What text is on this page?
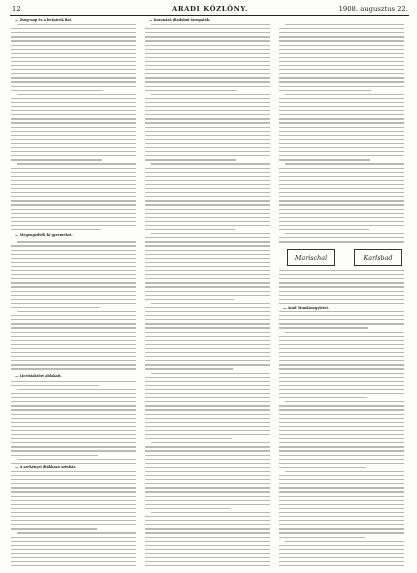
12	ARADI KÖZLÖNY.	1908. augusztus 22.
— Zsug-nap és a betyárok fiai.
— Megengedték ki gyermeket.
— Liceistaktört ablakait.
— A szekényei diákhaza szinház.
— Koronázó diadalmi tárogatók.
— Arad Munkásegyletei.
Marischal	Karlsbad
